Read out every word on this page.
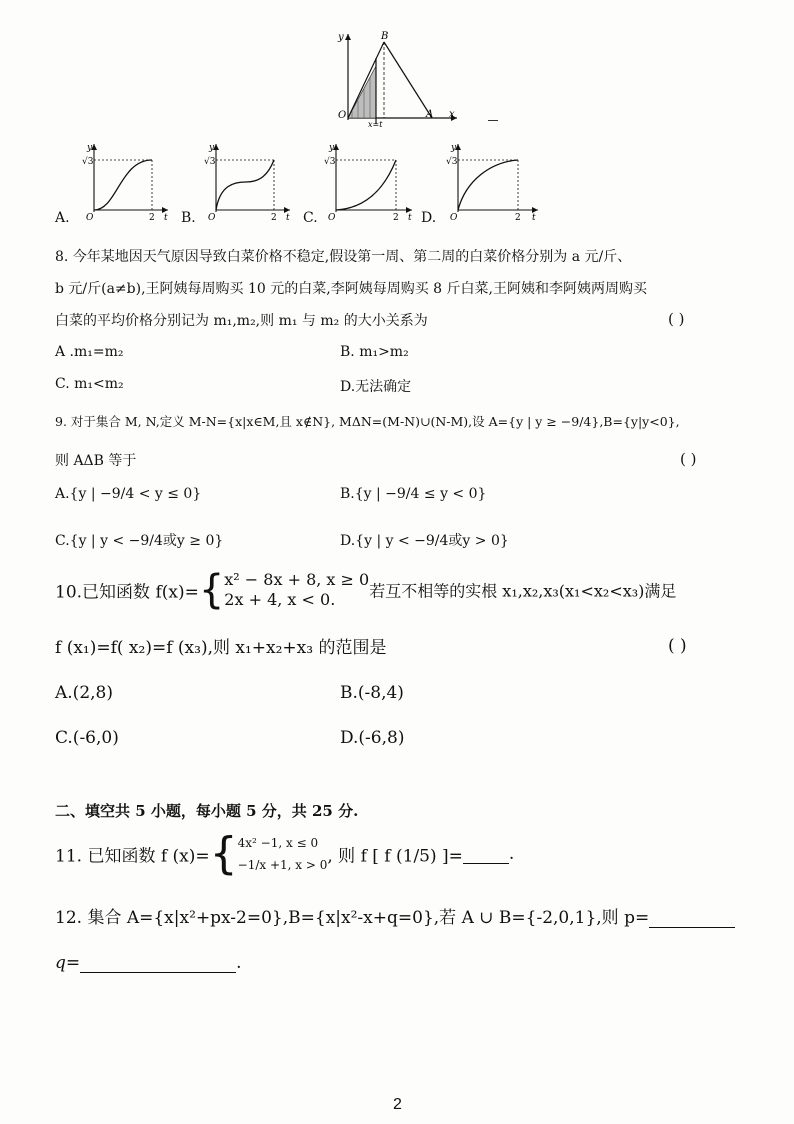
y	B
O	A x
x=t
A.
y
√3
O	2 t B.
y
√3
O	2 t C.
y
√3
O	2 t D.
y
√3
O	2 t
8. 今年某地因天气原因导致白菜价格不稳定,假设第一周、第二周的白菜价格分别为 a 元/斤、
b 元/斤(a≠b),王阿姨每周购买 10 元的白菜,李阿姨每周购买 8 斤白菜,王阿姨和李阿姨两周购买
白菜的平均价格分别记为 m₁,m₂,则 m₁ 与 m₂ 的大小关系为	( )
A .m₁=m₂	B. m₁>m₂
C. m₁<m₂	D.无法确定
9. 对于集合 M, N,定义 M-N={x|x∈M,且 x∉N}, MΔN=(M-N)∪(N-M),设 A={y | y ≥ −9/4},B={y|y<0},
则 AΔB 等于	( )
A.{y | −9/4 < y ≤ 0}	B.{y | −9/4 ≤ y < 0}
C.{y | y < −9/4或y ≥ 0}	D.{y | y < −9/4或y > 0}
10.已知函数 f(x)={x² − 8x + 8, x ≥ 0
2x + 4, x < 0. 若互不相等的实根 x₁,x₂,x₃(x₁<x₂<x₃)满足
f (x₁)=f( x₂)=f (x₃),则 x₁+x₂+x₃ 的范围是	( )
A.(2,8)	B.(-8,4)
C.(-6,0)	D.(-6,8)
二、填空共 5 小题，每小题 5 分，共 25 分.
11. 已知函数 f (x)={4x² −1, x ≤ 0
−1/x +1, x > 0, 则 f [ f (1/5) ]=	.
12. 集合 A={x|x²+px-2=0},B={x|x²-x+q=0},若 A ∪ B={-2,0,1},则 p=
q=	.
2
